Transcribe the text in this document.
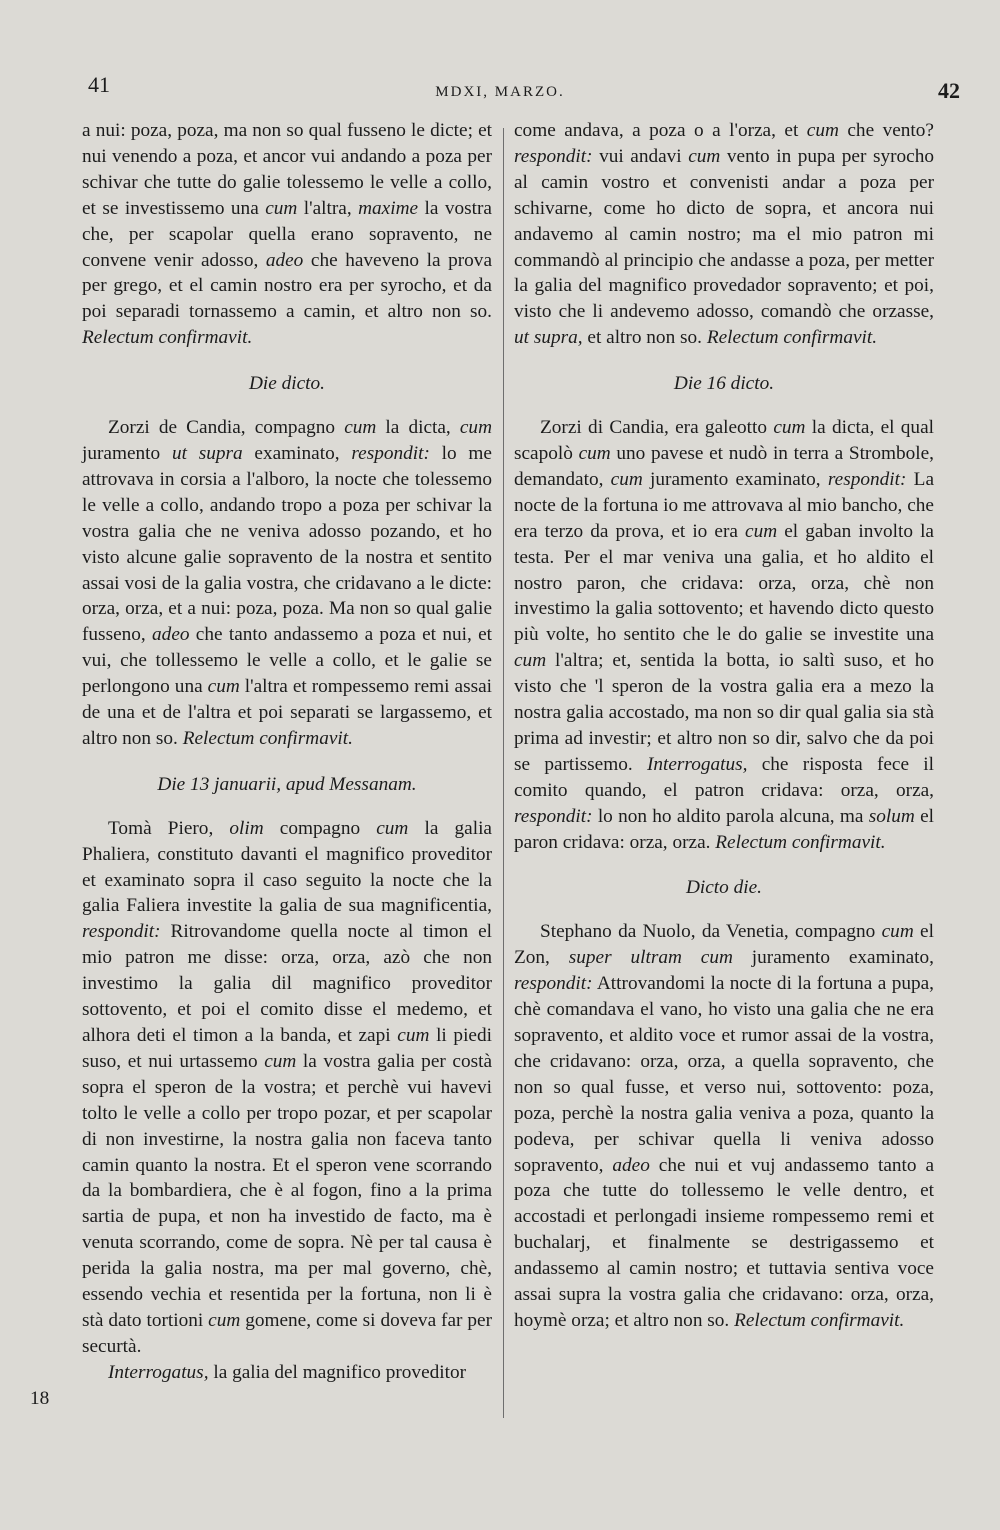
41	MDXI, MARZO.	42

a nui: poza, poza, ma non so qual fusseno le dicte; et nui venendo a poza, et ancor vui andando a poza per schivar che tutte do galie tolessemo le velle a collo, et se investissemo una cum l'altra, maxime la vostra che, per scapolar quella erano sopravento, ne convene venir adosso, adeo che haveveno la prova per grego, et el camin nostro era per syrocho, et da poi separadi tornassemo a camin, et altro non so. Relectum confirmavit.

Die dicto.

Zorzi de Candia, compagno cum la dicta, cum juramento ut supra examinato, respondit: lo me attrovava in corsia a l'alboro, la nocte che tolessemo le velle a collo, andando tropo a poza per schivar la vostra galia che ne veniva adosso pozando, et ho visto alcune galie sopravento de la nostra et sentito assai vosi de la galia vostra, che cridavano a le dicte: orza, orza, et a nui: poza, poza. Ma non so qual galie fusseno, adeo che tanto andassemo a poza et nui, et vui, che tollessemo le velle a collo, et le galie se perlongono una cum l'altra et rompessemo remi assai de una et de l'altra et poi separati se largassemo, et altro non so. Relectum confirmavit.

Die 13 januarii, apud Messanam.

Tomà Piero, olim compagno cum la galia Phaliera, constituto davanti el magnifico proveditor et examinato sopra il caso seguito la nocte che la galia Faliera investite la galia de sua magnificentia, respondit: Ritrovandome quella nocte al timon el mio patron me disse: orza, orza, azò che non investimo la galia dil magnifico proveditor sottovento, et poi el comito disse el medemo, et alhora deti el timon a la banda, et zapi cum li piedi suso, et nui urtassemo cum la vostra galia per costà sopra el speron de la vostra; et perchè vui havevi tolto le velle a collo per tropo pozar, et per scapolar di non investirne, la nostra galia non faceva tanto camin quanto la nostra. Et el speron vene scorrando da la bombardiera, che è al fogon, fino a la prima sartia de pupa, et non ha investido de facto, ma è venuta scorrando, come de sopra. Nè per tal causa è perida la galia nostra, ma per mal governo, chè, essendo vechia et resentida per la fortuna, non li è stà dato tortioni cum gomene, come si doveva far per securtà.

Interrogatus, la galia del magnifico proveditor

18

come andava, a poza o a l'orza, et cum che vento? respondit: vui andavi cum vento in pupa per syrocho al camin vostro et convenisti andar a poza per schivarne, come ho dicto de sopra, et ancora nui andavemo al camin nostro; ma el mio patron mi commandò al principio che andasse a poza, per metter la galia del magnifico provedador sopravento; et poi, visto che li andevemo adosso, comandò che orzasse, ut supra, et altro non so. Relectum confirmavit.

Die 16 dicto.

Zorzi di Candia, era galeotto cum la dicta, el qual scapolò cum uno pavese et nudò in terra a Strombole, demandato, cum juramento examinato, respondit: La nocte de la fortuna io me attrovava al mio bancho, che era terzo da prova, et io era cum el gaban involto la testa. Per el mar veniva una galia, et ho aldito el nostro paron, che cridava: orza, orza, chè non investimo la galia sottovento; et havendo dicto questo più volte, ho sentito che le do galie se investite una cum l'altra; et, sentida la botta, io saltì suso, et ho visto che 'l speron de la vostra galia era a mezo la nostra galia accostado, ma non so dir qual galia sia stà prima ad investir; et altro non so dir, salvo che da poi se partissemo. Interrogatus, che risposta fece il comito quando, el patron cridava: orza, orza, respondit: lo non ho aldito parola alcuna, ma solum el paron cridava: orza, orza. Relectum confirmavit.

Dicto die.

Stephano da Nuolo, da Venetia, compagno cum el Zon, super ultram cum juramento examinato, respondit: Attrovandomi la nocte di la fortuna a pupa, chè comandava el vano, ho visto una galia che ne era sopravento, et aldito voce et rumor assai de la vostra, che cridavano: orza, orza, a quella sopravento, che non so qual fusse, et verso nui, sottovento: poza, poza, perchè la nostra galia veniva a poza, quanto la podeva, per schivar quella li veniva adosso sopravento, adeo che nui et vuj andassemo tanto a poza che tutte do tollessemo le velle dentro, et accostadi et perlongadi insieme rompessemo remi et buchalarj, et finalmente se destrigassemo et andassemo al camin nostro; et tuttavia sentiva voce assai supra la vostra galia che cridavano: orza, orza, hoymè orza; et altro non so. Relectum confirmavit.
